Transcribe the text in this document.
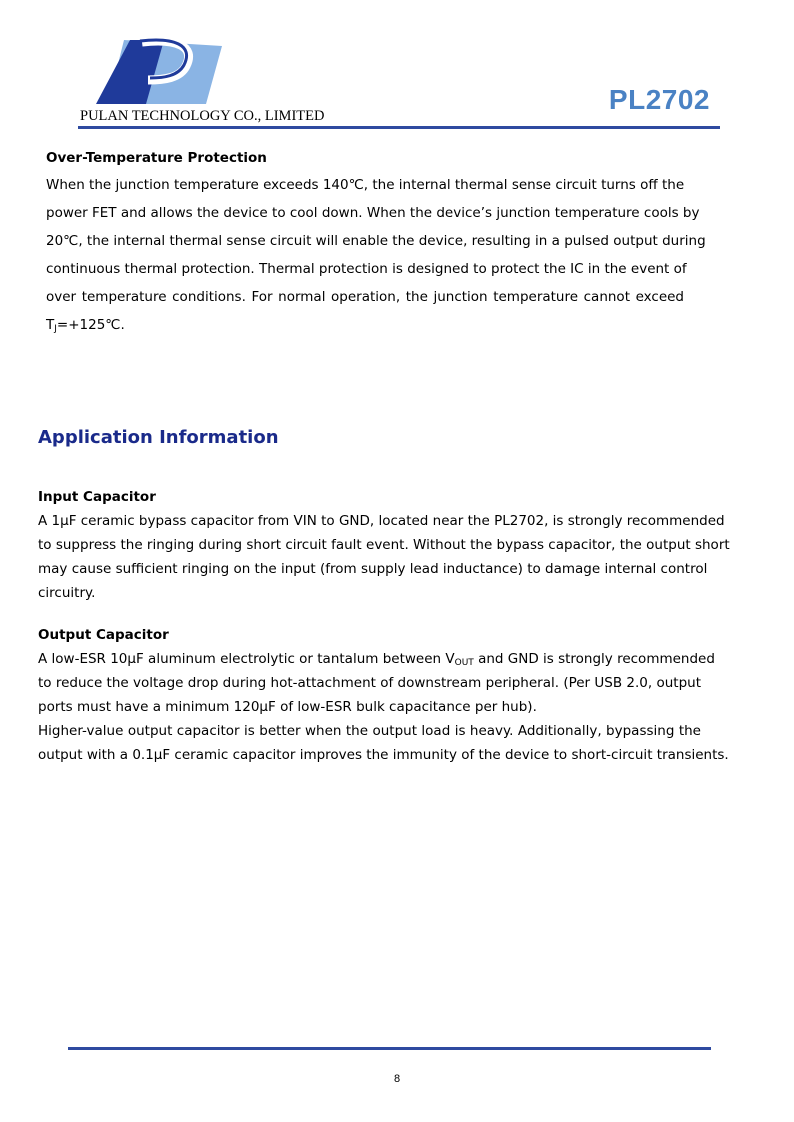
PULAN TECHNOLOGY CO., LIMITED
PL2702
Over-Temperature Protection
When the junction temperature exceeds 140℃, the internal thermal sense circuit turns off the
power FET and allows the device to cool down. When the device’s junction temperature cools by
20℃, the internal thermal sense circuit will enable the device, resulting in a pulsed output during
continuous thermal protection. Thermal protection is designed to protect the IC in the event of
over temperature conditions. For normal operation, the junction temperature cannot exceed
$T_J=+125℃$.
Application Information
Input Capacitor
A 1μF ceramic bypass capacitor from VIN to GND, located near the PL2702, is strongly recommended
to suppress the ringing during short circuit fault event. Without the bypass capacitor, the output short
may cause sufficient ringing on the input (from supply lead inductance) to damage internal control
circuitry.
Output Capacitor
A low-ESR 10μF aluminum electrolytic or tantalum between $V_{OUT}$ and GND is strongly recommended
to reduce the voltage drop during hot-attachment of downstream peripheral. (Per USB 2.0, output
ports must have a minimum 120μF of low-ESR bulk capacitance per hub).
Higher-value output capacitor is better when the output load is heavy. Additionally, bypassing the
output with a 0.1μF ceramic capacitor improves the immunity of the device to short-circuit transients.
8
